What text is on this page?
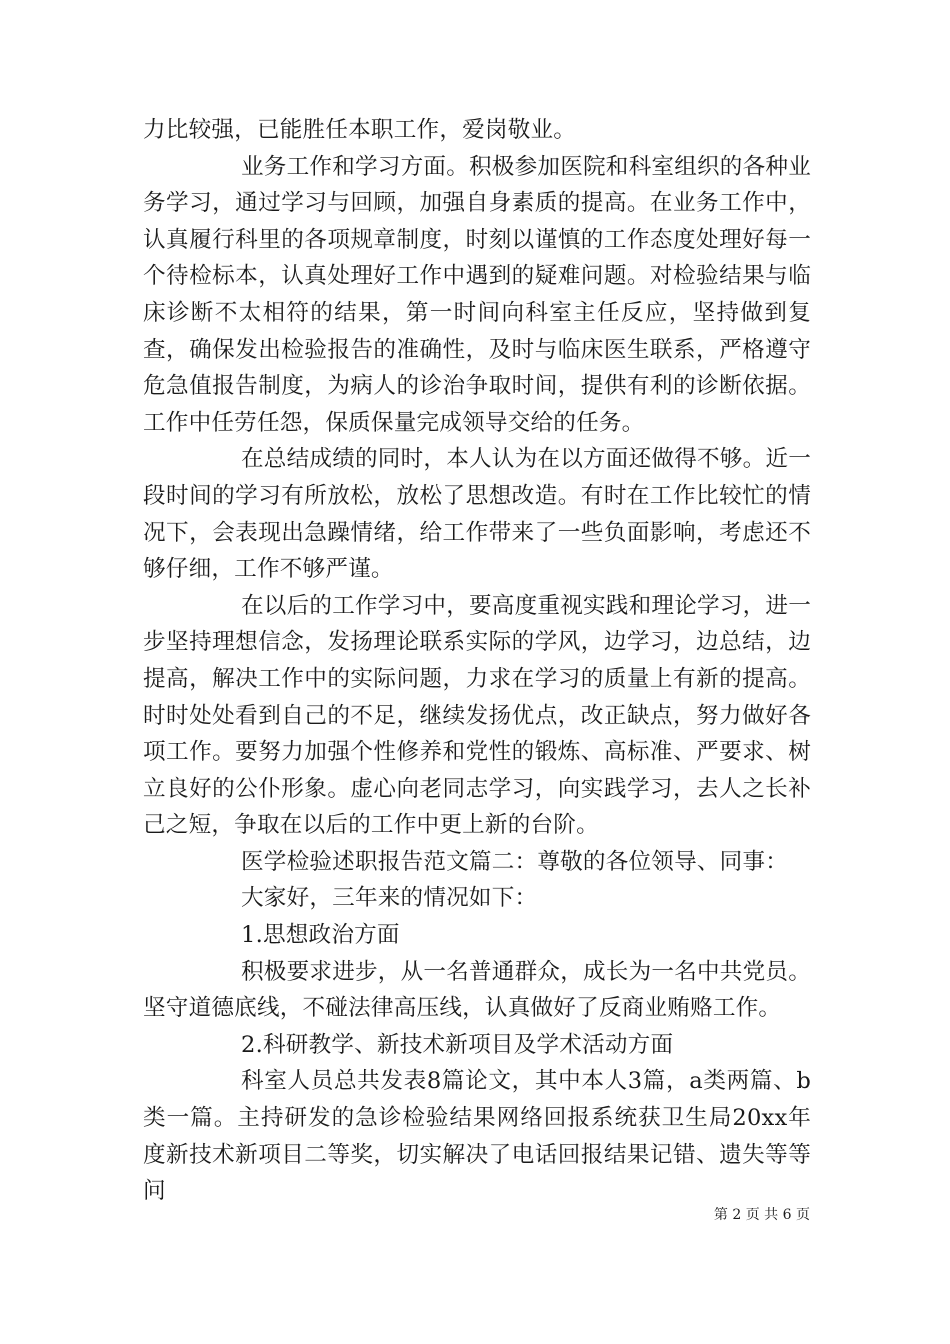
力比较强，已能胜任本职工作，爱岗敬业。

业务工作和学习方面。积极参加医院和科室组织的各种业务学习，通过学习与回顾，加强自身素质的提高。在业务工作中，认真履行科里的各项规章制度，时刻以谨慎的工作态度处理好每一个待检标本，认真处理好工作中遇到的疑难问题。对检验结果与临床诊断不太相符的结果，第一时间向科室主任反应，坚持做到复查，确保发出检验报告的准确性，及时与临床医生联系，严格遵守危急值报告制度，为病人的诊治争取时间，提供有利的诊断依据。工作中任劳任怨，保质保量完成领导交给的任务。

在总结成绩的同时，本人认为在以方面还做得不够。近一段时间的学习有所放松，放松了思想改造。有时在工作比较忙的情况下，会表现出急躁情绪，给工作带来了一些负面影响，考虑还不够仔细，工作不够严谨。

在以后的工作学习中，要高度重视实践和理论学习，进一步坚持理想信念，发扬理论联系实际的学风，边学习，边总结，边提高，解决工作中的实际问题，力求在学习的质量上有新的提高。时时处处看到自己的不足，继续发扬优点，改正缺点，努力做好各项工作。要努力加强个性修养和党性的锻炼、高标准、严要求、树立良好的公仆形象。虚心向老同志学习，向实践学习，去人之长补己之短，争取在以后的工作中更上新的台阶。

医学检验述职报告范文篇二：尊敬的各位领导、同事：

大家好，三年来的情况如下：

1.思想政治方面

积极要求进步，从一名普通群众，成长为一名中共党员。坚守道德底线，不碰法律高压线，认真做好了反商业贿赂工作。

2.科研教学、新技术新项目及学术活动方面

科室人员总共发表8篇论文，其中本人3篇，a类两篇、b类一篇。主持研发的急诊检验结果网络回报系统获卫生局20xx年度新技术新项目二等奖，切实解决了电话回报结果记错、遗失等等问

第 2 页 共 6 页
